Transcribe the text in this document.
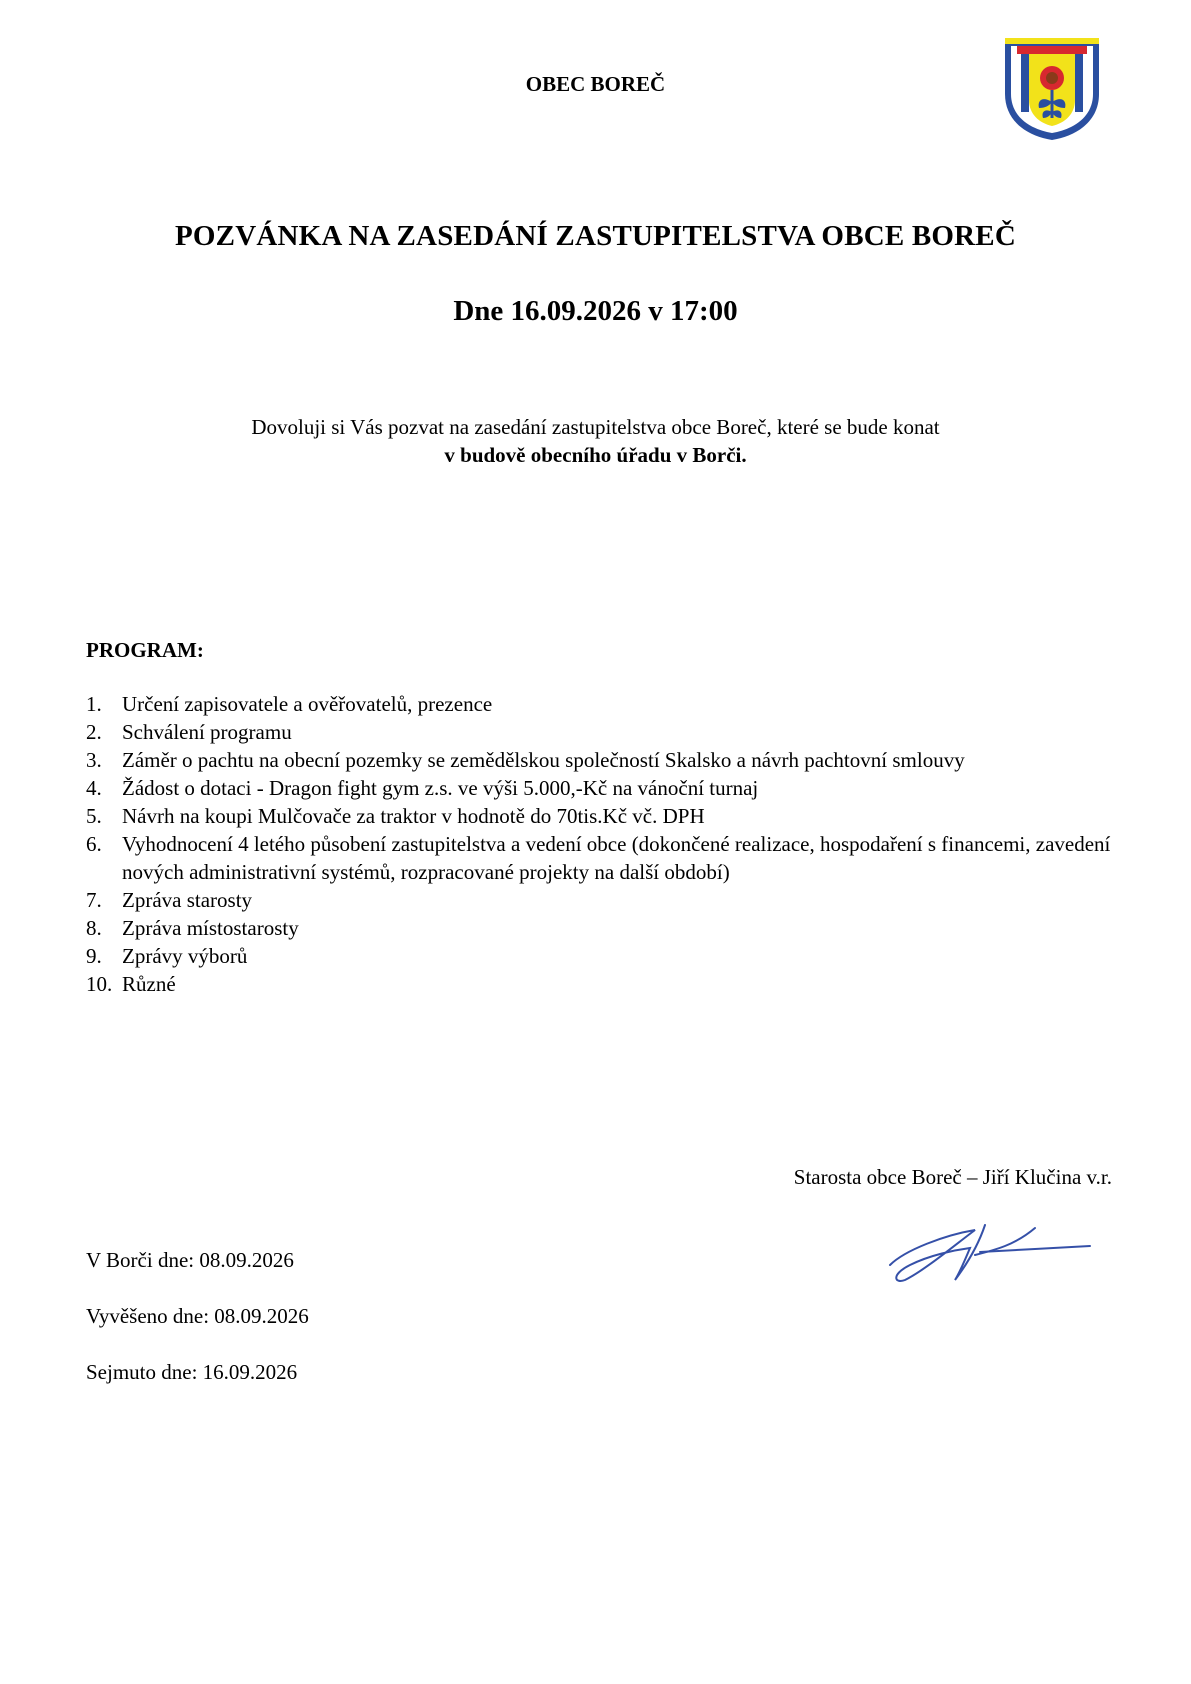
OBEC BOREČ
POZVÁNKA NA ZASEDÁNÍ ZASTUPITELSTVA OBCE BOREČ
Dne 16.09.2026 v 17:00
Dovoluji si Vás pozvat na zasedání zastupitelstva obce Boreč, které se bude konat
v budově obecního úřadu v Borči.
PROGRAM:
1. Určení zapisovatele a ověřovatelů, prezence
2. Schválení programu
3. Záměr o pachtu na obecní pozemky se zemědělskou společností Skalsko a návrh pachtovní smlouvy
4. Žádost o dotaci - Dragon fight gym z.s. ve výši 5.000,-Kč na vánoční turnaj
5. Návrh na koupi Mulčovače za traktor v hodnotě do 70tis.Kč vč. DPH
6. Vyhodnocení 4 letého působení zastupitelstva a vedení obce (dokončené realizace, hospodaření s financemi, zavedení nových administrativní systémů, rozpracované projekty na další období)
7. Zpráva starosty
8. Zpráva místostarosty
9. Zprávy výborů
10. Různé
Starosta obce Boreč – Jiří Klučina v.r.
V Borči dne: 08.09.2026
Vyvěšeno dne: 08.09.2026
Sejmuto dne: 16.09.2026
